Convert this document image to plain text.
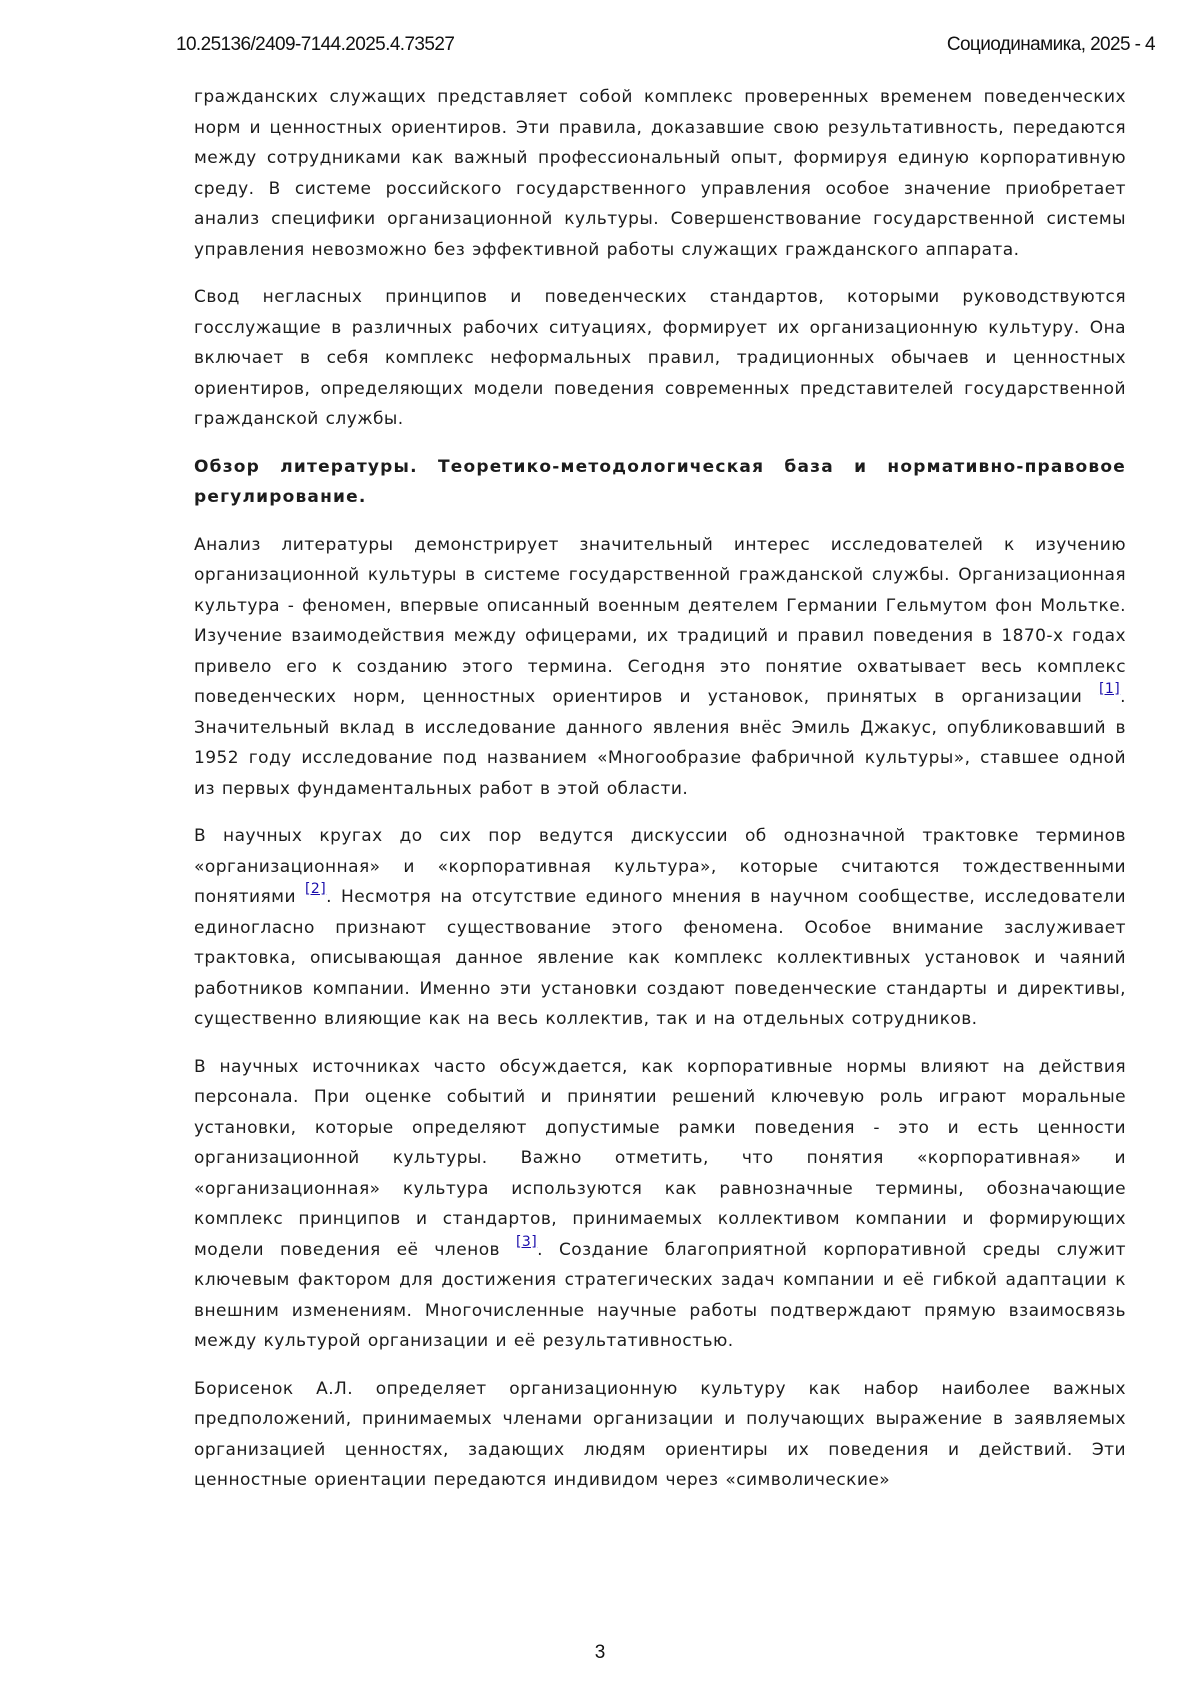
10.25136/2409-7144.2025.4.73527	Социодинамика, 2025 - 4

гражданских служащих представляет собой комплекс проверенных временем поведенческих норм и ценностных ориентиров. Эти правила, доказавшие свою результативность, передаются между сотрудниками как важный профессиональный опыт, формируя единую корпоративную среду. В системе российского государственного управления особое значение приобретает анализ специфики организационной культуры. Совершенствование государственной системы управления невозможно без эффективной работы служащих гражданского аппарата.

Свод негласных принципов и поведенческих стандартов, которыми руководствуются госслужащие в различных рабочих ситуациях, формирует их организационную культуру. Она включает в себя комплекс неформальных правил, традиционных обычаев и ценностных ориентиров, определяющих модели поведения современных представителей государственной гражданской службы.

Обзор литературы. Теоретико-методологическая база и нормативно-правовое регулирование.

Анализ литературы демонстрирует значительный интерес исследователей к изучению организационной культуры в системе государственной гражданской службы. Организационная культура - феномен, впервые описанный военным деятелем Германии Гельмутом фон Мольтке. Изучение взаимодействия между офицерами, их традиций и правил поведения в 1870-х годах привело его к созданию этого термина. Сегодня это понятие охватывает весь комплекс поведенческих норм, ценностных ориентиров и установок, принятых в организации [1]. Значительный вклад в исследование данного явления внёс Эмиль Джакус, опубликовавший в 1952 году исследование под названием «Многообразие фабричной культуры», ставшее одной из первых фундаментальных работ в этой области.

В научных кругах до сих пор ведутся дискуссии об однозначной трактовке терминов «организационная» и «корпоративная культура», которые считаются тождественными понятиями [2]. Несмотря на отсутствие единого мнения в научном сообществе, исследователи единогласно признают существование этого феномена. Особое внимание заслуживает трактовка, описывающая данное явление как комплекс коллективных установок и чаяний работников компании. Именно эти установки создают поведенческие стандарты и директивы, существенно влияющие как на весь коллектив, так и на отдельных сотрудников.

В научных источниках часто обсуждается, как корпоративные нормы влияют на действия персонала. При оценке событий и принятии решений ключевую роль играют моральные установки, которые определяют допустимые рамки поведения - это и есть ценности организационной культуры. Важно отметить, что понятия «корпоративная» и «организационная» культура используются как равнозначные термины, обозначающие комплекс принципов и стандартов, принимаемых коллективом компании и формирующих модели поведения её членов [3]. Создание благоприятной корпоративной среды служит ключевым фактором для достижения стратегических задач компании и её гибкой адаптации к внешним изменениям. Многочисленные научные работы подтверждают прямую взаимосвязь между культурой организации и её результативностью.

Борисенок А.Л. определяет организационную культуру как набор наиболее важных предположений, принимаемых членами организации и получающих выражение в заявляемых организацией ценностях, задающих людям ориентиры их поведения и действий. Эти ценностные ориентации передаются индивидом через «символические»

3
